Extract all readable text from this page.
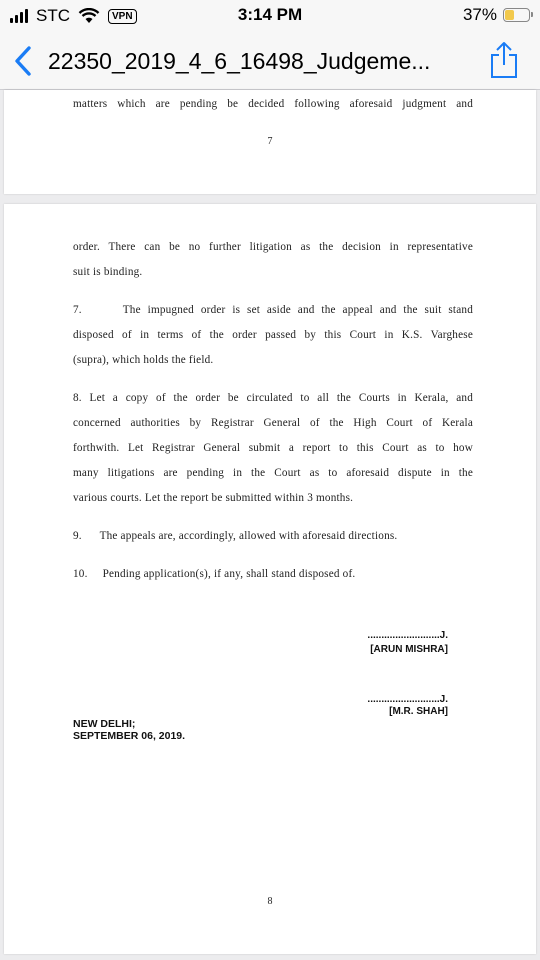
STC	VPN	3:14 PM	37%
22350_2019_4_6_16498_Judgeme...
matters which are pending be decided following aforesaid judgment and
7
order. There can be no further litigation as the decision in representative
suit is binding.
7.      The impugned order is set aside and the appeal and the suit stand
disposed of in terms of the order passed by this Court in K.S. Varghese
(supra), which holds the field.
8. Let a copy of the order be circulated to all the Courts in Kerala, and
concerned authorities by Registrar General of the High Court of Kerala
forthwith. Let Registrar General submit a report to this Court as to how
many litigations are pending in the Court as to aforesaid dispute in the
various courts. Let the report be submitted within 3 months.
9.      The appeals are, accordingly, allowed with aforesaid directions.
10.     Pending application(s), if any, shall stand disposed of.
..........................J.
[ARUN MISHRA]
..........................J.
[M.R. SHAH]
NEW DELHI;
SEPTEMBER 06, 2019.
8
